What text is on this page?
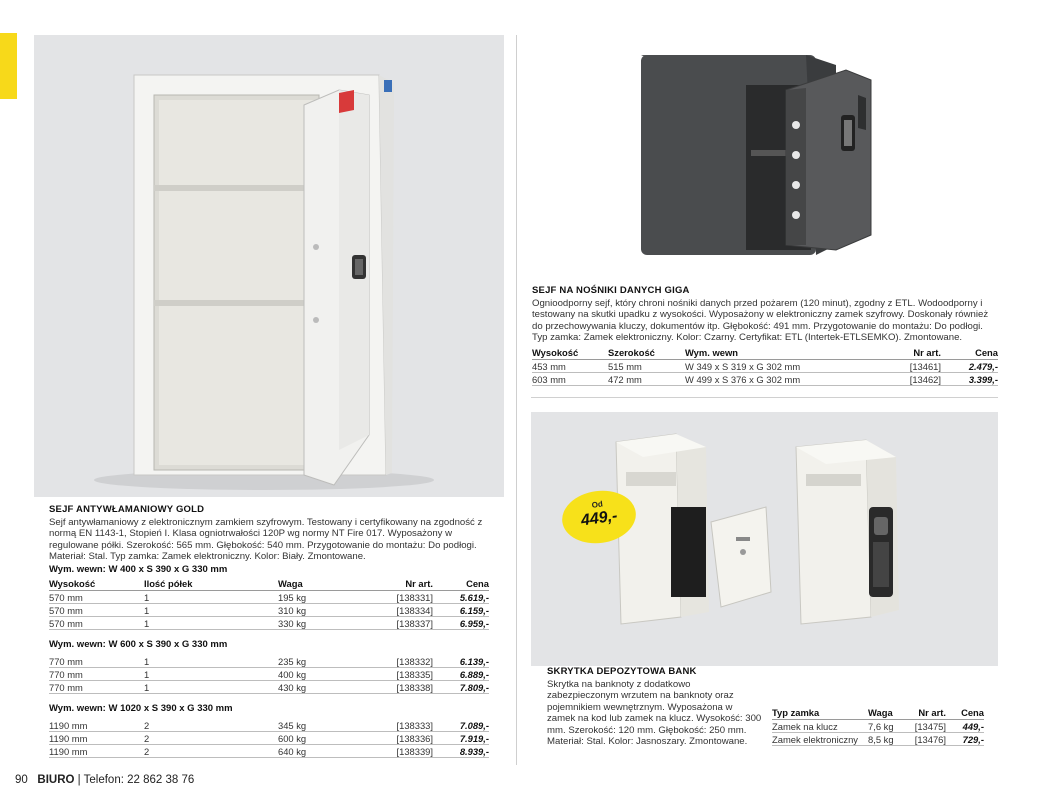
SEJF ANTYWŁAMANIOWY GOLD

Sejf antywłamaniowy z elektronicznym zamkiem szyfrowym. Testowany i certyfikowany na zgodność z normą EN 1143-1, Stopień I. Klasa ogniotrwałości 120P wg normy NT Fire 017. Wyposażony w regulowane półki. Szerokość: 565 mm. Głębokość: 540 mm. Przygotowanie do montażu: Do podłogi. Materiał: Stal. Typ zamka: Zamek elektroniczny. Kolor: Biały. Zmontowane.

Wym. wewn: W 400 x S 390 x G 330 mm
Wysokość	Ilość półek	Waga	Nr art.	Cena
570 mm	1	195 kg	[138331]	5.619,-
570 mm	1	310 kg	[138334]	6.159,-
570 mm	1	330 kg	[138337]	6.959,-
Wym. wewn: W 600 x S 390 x G 330 mm
770 mm	1	235 kg	[138332]	6.139,-
770 mm	1	400 kg	[138335]	6.889,-
770 mm	1	430 kg	[138338]	7.809,-
Wym. wewn: W 1020 x S 390 x G 330 mm
1190 mm	2	345 kg	[138333]	7.089,-
1190 mm	2	600 kg	[138336]	7.919,-
1190 mm	2	640 kg	[138339]	8.939,-
SEJF NA NOŚNIKI DANYCH GIGA

Ognioodporny sejf, który chroni nośniki danych przed pożarem (120 minut), zgodny z ETL. Wodoodporny i testowany na skutki upadku z wysokości. Wyposażony w elektroniczny zamek szyfrowy. Doskonały również do przechowywania kluczy, dokumentów itp. Głębokość: 491 mm. Przygotowanie do montażu: Do podłogi. Typ zamka: Zamek elektroniczny. Kolor: Czarny. Certyfikat: ETL (Intertek-ETLSEMKO). Zmontowane.

Wysokość	Szerokość	Wym. wewn	Nr art.	Cena
453 mm	515 mm	W 349 x S 319 x G 302 mm	[13461]	2.479,-
603 mm	472 mm	W 499 x S 376 x G 302 mm	[13462]	3.399,-
Od
449,-
SKRYTKA DEPOZYTOWA BANK

Skrytka na banknoty z dodatkowo zabezpieczonym wrzutem na banknoty oraz pojemnikiem wewnętrznym. Wyposażona w zamek na kod lub zamek na klucz. Wysokość: 300 mm. Szerokość: 120 mm. Głębokość: 250 mm. Materiał: Stal. Kolor: Jasnoszary. Zmontowane.

Typ zamka	Waga	Nr art.	Cena
Zamek na klucz	7,6 kg	[13475]	449,-
Zamek elektroniczny	8,5 kg	[13476]	729,-
90 BIURO | Telefon: 22 862 38 76
